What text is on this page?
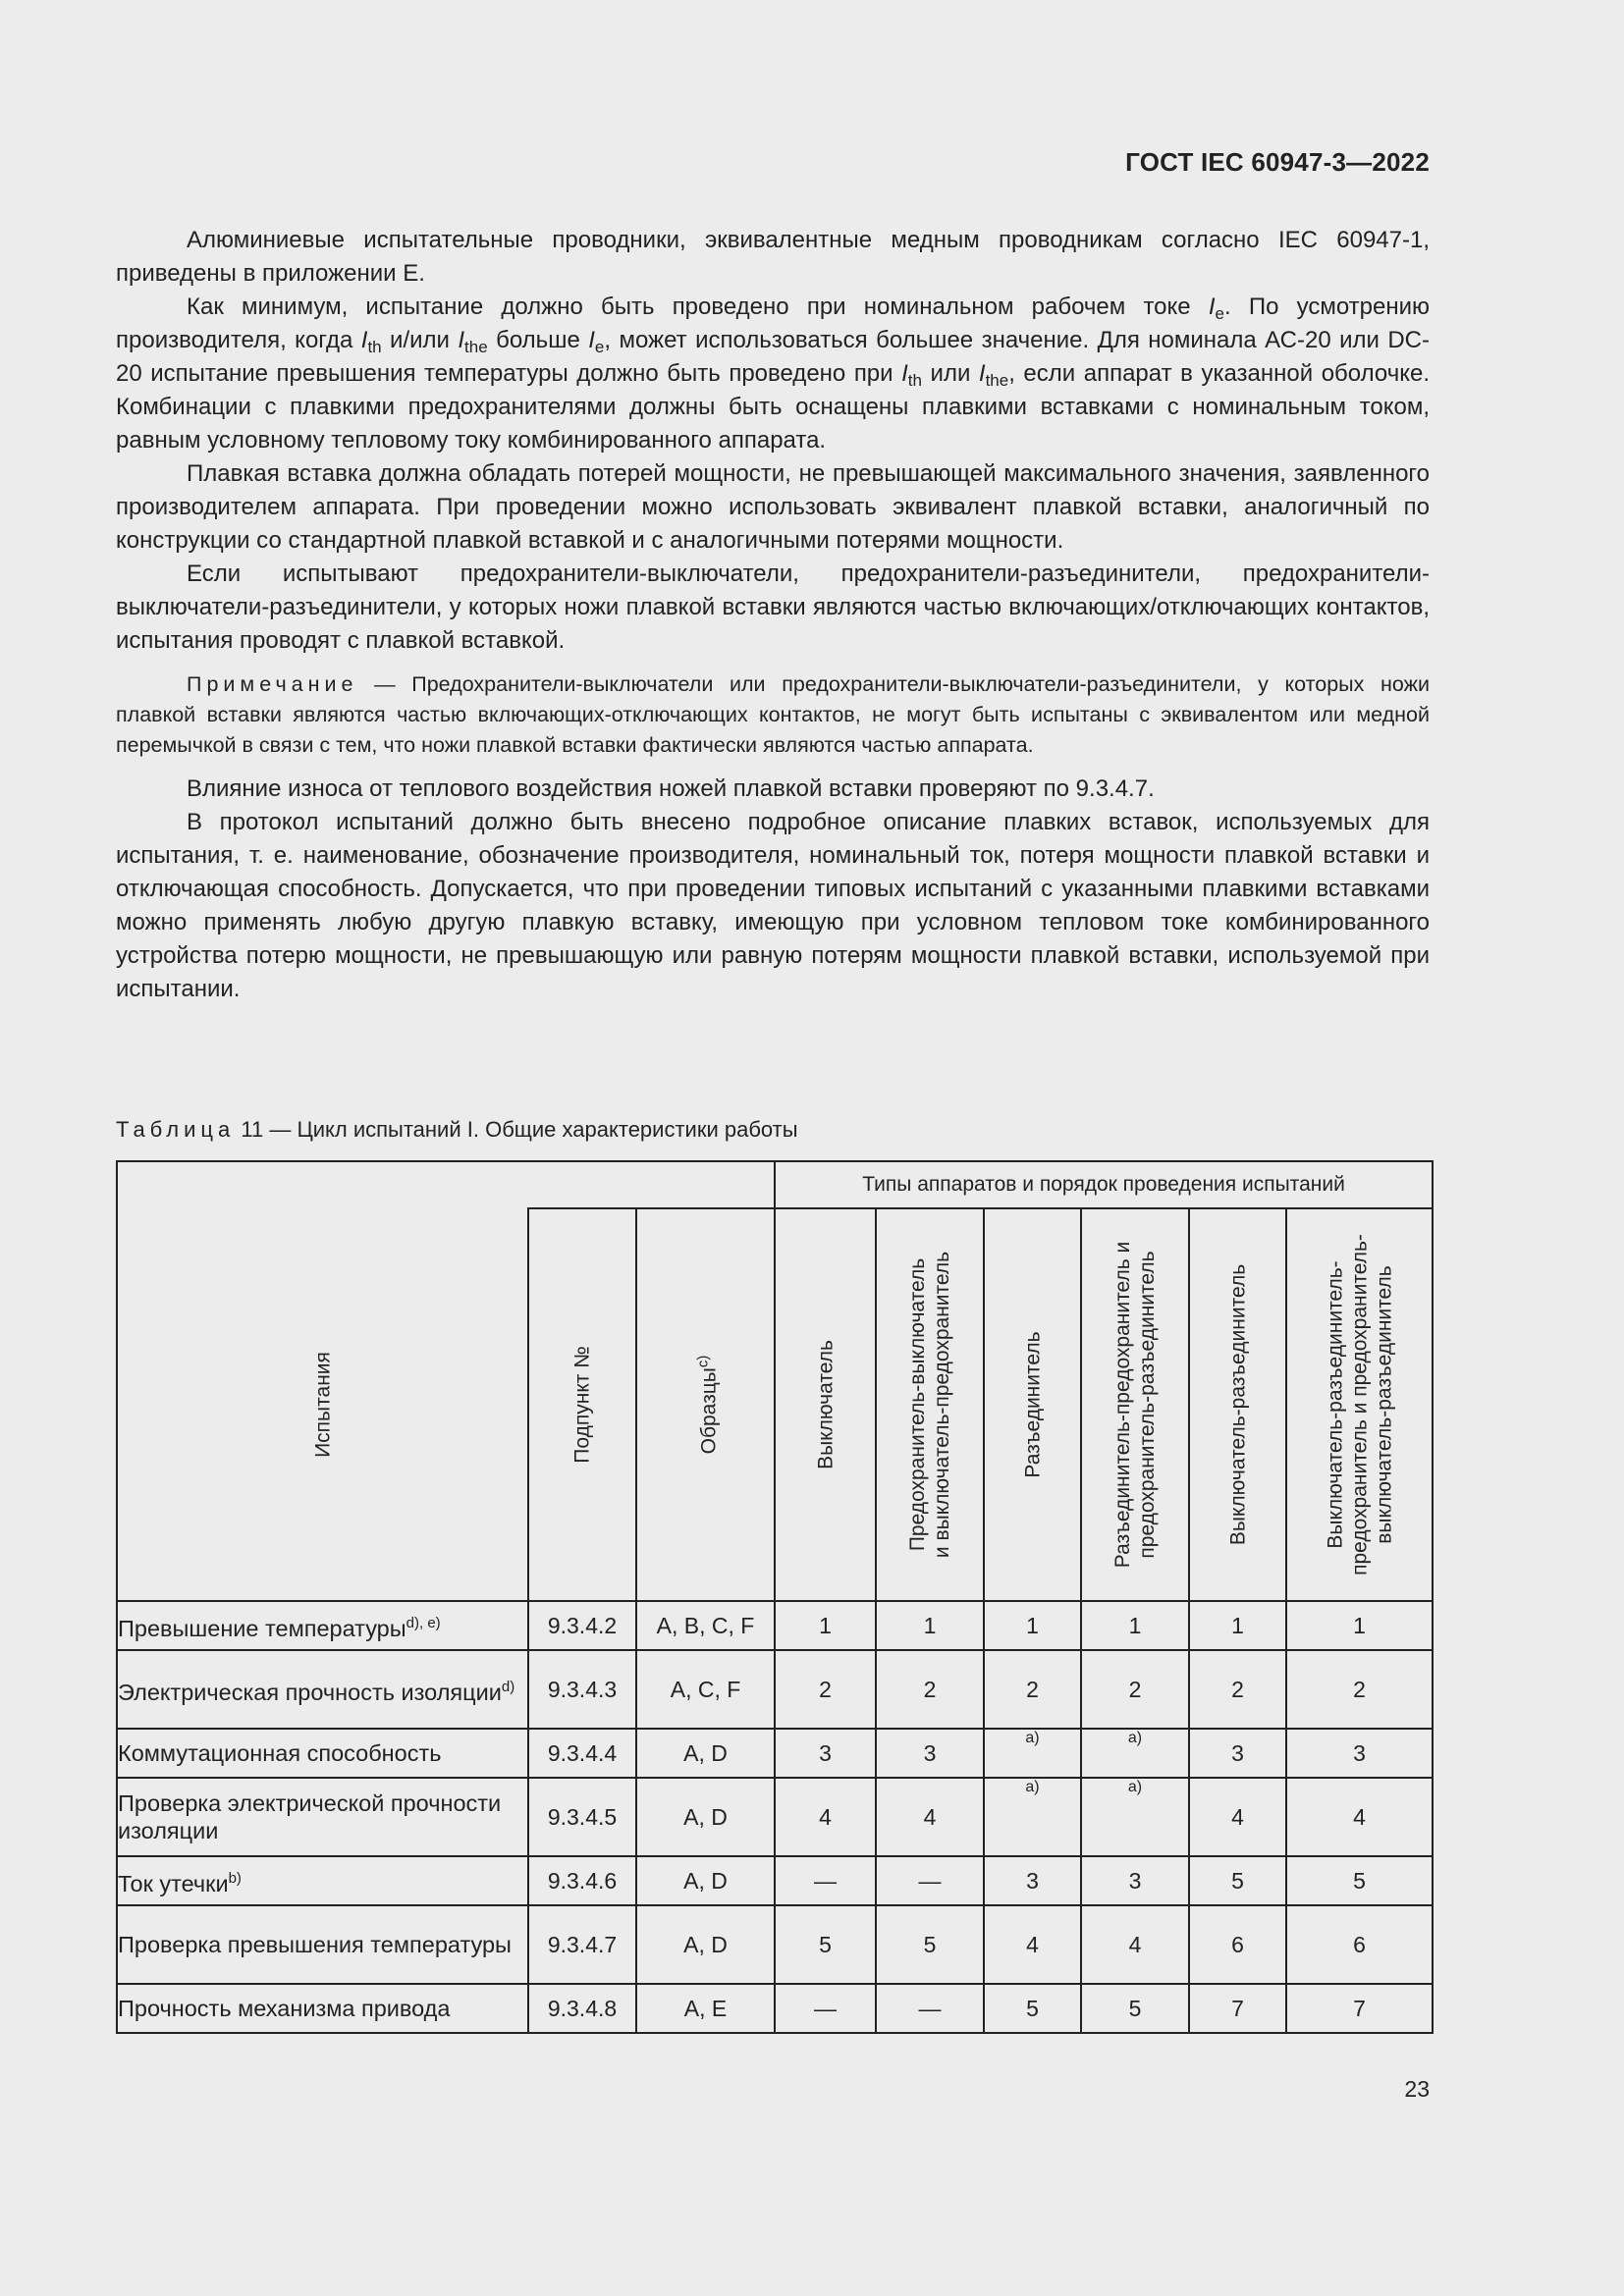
ГОСТ IEC 60947-3—2022

Алюминиевые испытательные проводники, эквивалентные медным проводникам согласно IEC 60947-1, приведены в приложении Е.

Как минимум, испытание должно быть проведено при номинальном рабочем токе $I_e$. По усмотрению производителя, когда $I_{th}$ и/или $I_{the}$ больше $I_e$, может использоваться большее значение. Для номинала АС-20 или DC-20 испытание превышения температуры должно быть проведено при $I_{th}$ или $I_{the}$, если аппарат в указанной оболочке. Комбинации с плавкими предохранителями должны быть оснащены плавкими вставками с номинальным током, равным условному тепловому току комбинированного аппарата.

Плавкая вставка должна обладать потерей мощности, не превышающей максимального значения, заявленного производителем аппарата. При проведении можно использовать эквивалент плавкой вставки, аналогичный по конструкции со стандартной плавкой вставкой и с аналогичными потерями мощности.

Если испытывают предохранители-выключатели, предохранители-разъединители, предохранители-выключатели-разъединители, у которых ножи плавкой вставки являются частью включающих/отключающих контактов, испытания проводят с плавкой вставкой.

Примечание — Предохранители-выключатели или предохранители-выключатели-разъединители, у которых ножи плавкой вставки являются частью включающих-отключающих контактов, не могут быть испытаны с эквивалентом или медной перемычкой в связи с тем, что ножи плавкой вставки фактически являются частью аппарата.

Влияние износа от теплового воздействия ножей плавкой вставки проверяют по 9.3.4.7.

В протокол испытаний должно быть внесено подробное описание плавких вставок, используемых для испытания, т. е. наименование, обозначение производителя, номинальный ток, потеря мощности плавкой вставки и отключающая способность. Допускается, что при проведении типовых испытаний с указанными плавкими вставками можно применять любую другую плавкую вставку, имеющую при условном тепловом токе комбинированного устройства потерю мощности, не превышающую или равную потерям мощности плавкой вставки, используемой при испытании.

Таблица 11 — Цикл испытаний I. Общие характеристики работы
			Типы аппаратов и порядок проведения испытаний					

Испытания	Подпункт №	Образцы$^{c)}$	Выключатель	Предохранитель-выключатель
и выключатель-предохранитель	Разъединитель	Разъединитель-предохранитель и
предохранитель-разъединитель	Выключатель-разъединитель	Выключатель-разъединитель-
предохранитель и предохранитель-
выключатель-разъединитель

Превышение температуры$^{d), e)}$	9.3.4.2	A, B, C, F	1	1	1	1	1	1
Электрическая прочность изоляции$^{d)}$	9.3.4.3	A, C, F	2	2	2	2	2	2
Коммутационная способность	9.3.4.4	A, D	3	3	a)	a)	3	3
Проверка электрической прочности изоляции	9.3.4.5	A, D	4	4	a)	a)	4	4
Ток утечки$^{b)}$	9.3.4.6	A, D	—	—	3	3	5	5
Проверка превышения температуры	9.3.4.7	A, D	5	5	4	4	6	6
Прочность механизма привода	9.3.4.8	A, E	—	—	5	5	7	7
23
